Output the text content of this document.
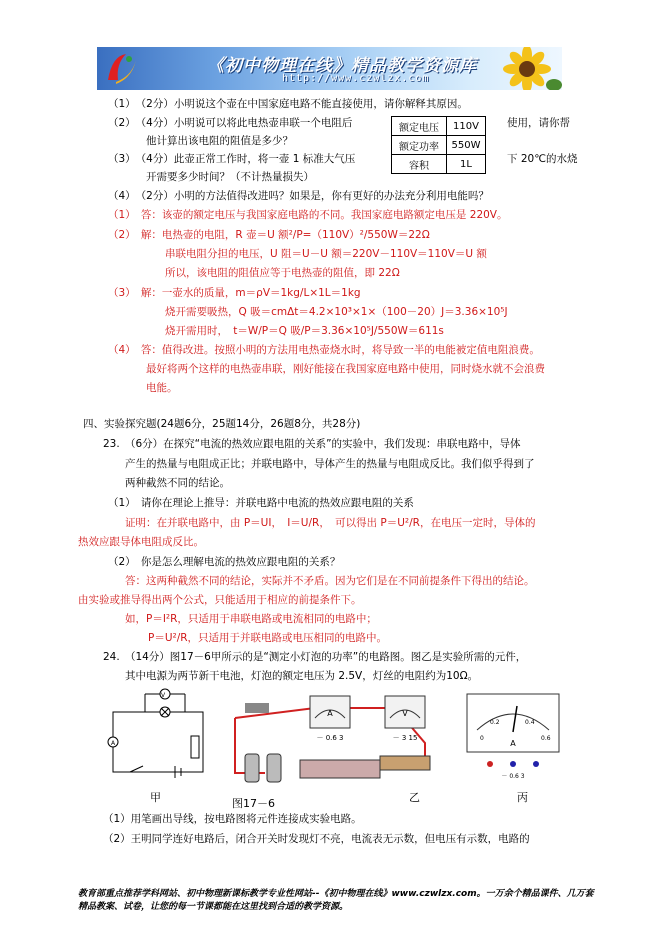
《初中物理在线》精品教学资源库
http://www.czwlzx.com
（1）　（2分）小明说这个壶在中国家庭电路不能直接使用，请你解释其原因。
（2）　（4分）小明说可以将此电热壶串联一个电阻后	使用，请你帮
他计算出该电阻的阻值是多少？
（3）　（4分）此壶正常工作时，将一壶 1 标准大气压	下 20℃的水烧
开需要多少时间？（不计热量损失）
（4）　（2分）小明的方法值得改进吗？如果是，你有更好的办法充分利用电能吗？
额定电压	110V
额定功率	550W
容积	1L
（1）　答：该壶的额定电压与我国家庭电路的不同。我国家庭电路额定电压是 220V。
（2）　解：电热壶的电阻，R 壶＝U 额²/P=（110V）²/550W＝22Ω
串联电阻分担的电压，U 阻＝U－U 额＝220V－110V＝110V＝U 额
所以，该电阻的阻值应等于电热壶的阻值，即 22Ω
（3）　解：一壶水的质量，m＝ρV＝1kg/L×1L＝1kg
烧开需要吸热，Q 吸＝cmΔt＝4.2×10³×1×（100－20）J＝3.36×10⁵J
烧开需用时，　t＝W/P＝Q 吸/P＝3.36×10⁵J/550W＝611s
（4）　答：值得改进。按照小明的方法用电热壶烧水时，将导致一半的电能被定值电阻浪费。
最好将两个这样的电热壶串联，刚好能接在我国家庭电路中使用，同时烧水就不会浪费
电能。
四、实验探究题(24题6分，25题14分，26题8分，共28分)
23.　（6分）在探究“电流的热效应跟电阻的关系”的实验中，我们发现：串联电路中，导体
产生的热量与电阻成正比；并联电路中，导体产生的热量与电阻成反比。我们似乎得到了
两种截然不同的结论。
（1）　请你在理论上推导：并联电路中电流的热效应跟电阻的关系
证明：在并联电路中，由 P＝UI，　I＝U/R，　可以得出 P＝U²/R，在电压一定时，导体的
热效应跟导体电阻成反比。
（2）　你是怎么理解电流的热效应跟电阻的关系？
答：这两种截然不同的结论，实际并不矛盾。因为它们是在不同前提条件下得出的结论。
由实验或推导得出两个公式，只能适用于相应的前提条件下。
如，P＝I²R，只适用于串联电路或电流相同的电路中；
P＝U²/R，只适用于并联电路或电压相同的电路中。
24.　（14分）图17－6甲所示的是“测定小灯泡的功率”的电路图。图乙是实验所需的元件，
其中电源为两节新干电池，灯泡的额定电压为 2.5V，灯丝的电阻约为10Ω。
V
A
A	V
－ 0.6 3	－ 3 15	0
0.2	0.4
0.6
A
－ 0.6 3
甲	图17－6	乙	丙
（1）用笔画出导线，按电路图将元件连接成实验电路。
（2）王明同学连好电路后，闭合开关时发现灯不亮，电流表无示数，但电压有示数，电路的
教育部重点推荐学科网站、初中物理新课标教学专业性网站--《初中物理在线》www.czwlzx.com。一万余个精品课件、几万套精品教案、试卷，让您的每一节课都能在这里找到合适的教学资源。
